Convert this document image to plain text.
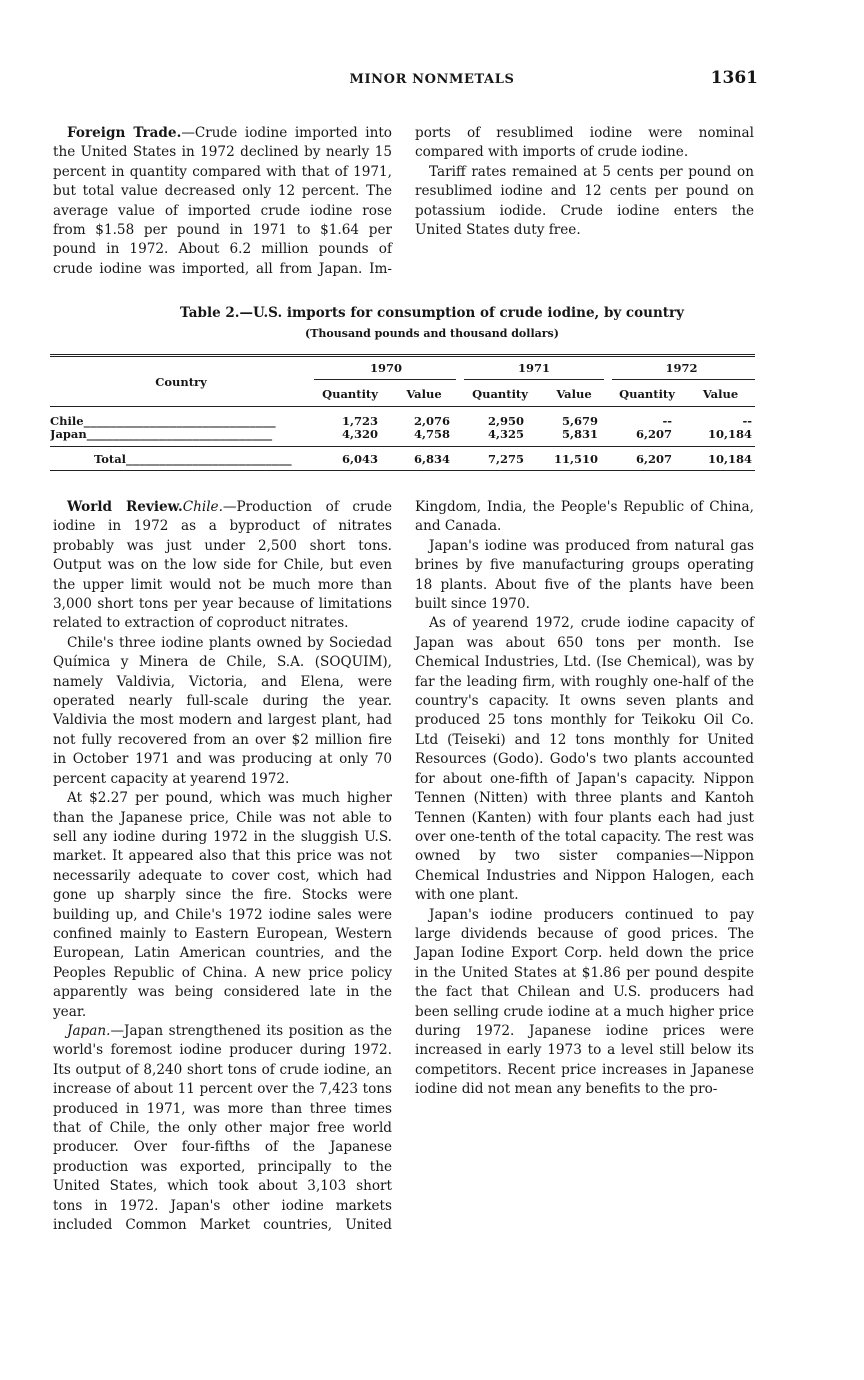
MINOR NONMETALS	1361

Foreign Trade.—Crude iodine imported into the United States in 1972 declined by nearly 15 percent in quantity compared with that of 1971, but total value decreased only 12 percent. The average value of imported crude iodine rose from $1.58 per pound in 1971 to $1.64 per pound in 1972. About 6.2 million pounds of crude iodine was imported, all from Japan. Imports of resublimed iodine were nominal compared with imports of crude iodine.

Tariff rates remained at 5 cents per pound on resublimed iodine and 12 cents per pound on potassium iodide. Crude iodine enters the United States duty free.

Table 2.—U.S. imports for consumption of crude iodine, by country
(Thousand pounds and thousand dollars)
Country
1970	1971	1972
Quantity	Value	Quantity	Value	Quantity	Value
Chile_____________________________	1,723	2,076	2,950	5,679	--	--
Japan____________________________	4,320	4,758	4,325	5,831	6,207	10,184
Total_________________________	6,043	6,834	7,275	11,510	6,207	10,184

World Review.Chile.—Production of crude iodine in 1972 as a byproduct of nitrates probably was just under 2,500 short tons. Output was on the low side for Chile, but even the upper limit would not be much more than 3,000 short tons per year because of limitations related to extraction of coproduct nitrates.

Chile's three iodine plants owned by Sociedad Química y Minera de Chile, S.A. (SOQUIM), namely Valdivia, Victoria, and Elena, were operated nearly full-scale during the year. Valdivia the most modern and largest plant, had not fully recovered from an over $2 million fire in October 1971 and was producing at only 70 percent capacity at yearend 1972.

At $2.27 per pound, which was much higher than the Japanese price, Chile was not able to sell any iodine during 1972 in the sluggish U.S. market. It appeared also that this price was not necessarily adequate to cover cost, which had gone up sharply since the fire. Stocks were building up, and Chile's 1972 iodine sales were confined mainly to Eastern European, Western European, Latin American countries, and the Peoples Republic of China. A new price policy apparently was being considered late in the year.

Japan.—Japan strengthened its position as the world's foremost iodine producer during 1972. Its output of 8,240 short tons of crude iodine, an increase of about 11 percent over the 7,423 tons produced in 1971, was more than three times that of Chile, the only other major free world producer. Over four-fifths of the Japanese production was exported, principally to the United States, which took about 3,103 short tons in 1972. Japan's other iodine markets included Common Market countries, United Kingdom, India, the People's Republic of China, and Canada.

Japan's iodine was produced from natural gas brines by five manufacturing groups operating 18 plants. About five of the plants have been built since 1970.

As of yearend 1972, crude iodine capacity of Japan was about 650 tons per month. Ise Chemical Industries, Ltd. (Ise Chemical), was by far the leading firm, with roughly one-half of the country's capacity. It owns seven plants and produced 25 tons monthly for Teikoku Oil Co. Ltd (Teiseki) and 12 tons monthly for United Resources (Godo). Godo's two plants accounted for about one-fifth of Japan's capacity. Nippon Tennen (Nitten) with three plants and Kantoh Tennen (Kanten) with four plants each had just over one-tenth of the total capacity. The rest was owned by two sister companies—Nippon Chemical Industries and Nippon Halogen, each with one plant.

Japan's iodine producers continued to pay large dividends because of good prices. The Japan Iodine Export Corp. held down the price in the United States at $1.86 per pound despite the fact that Chilean and U.S. producers had been selling crude iodine at a much higher price during 1972. Japanese iodine prices were increased in early 1973 to a level still below its competitors. Recent price increases in Japanese iodine did not mean any benefits to the pro-
